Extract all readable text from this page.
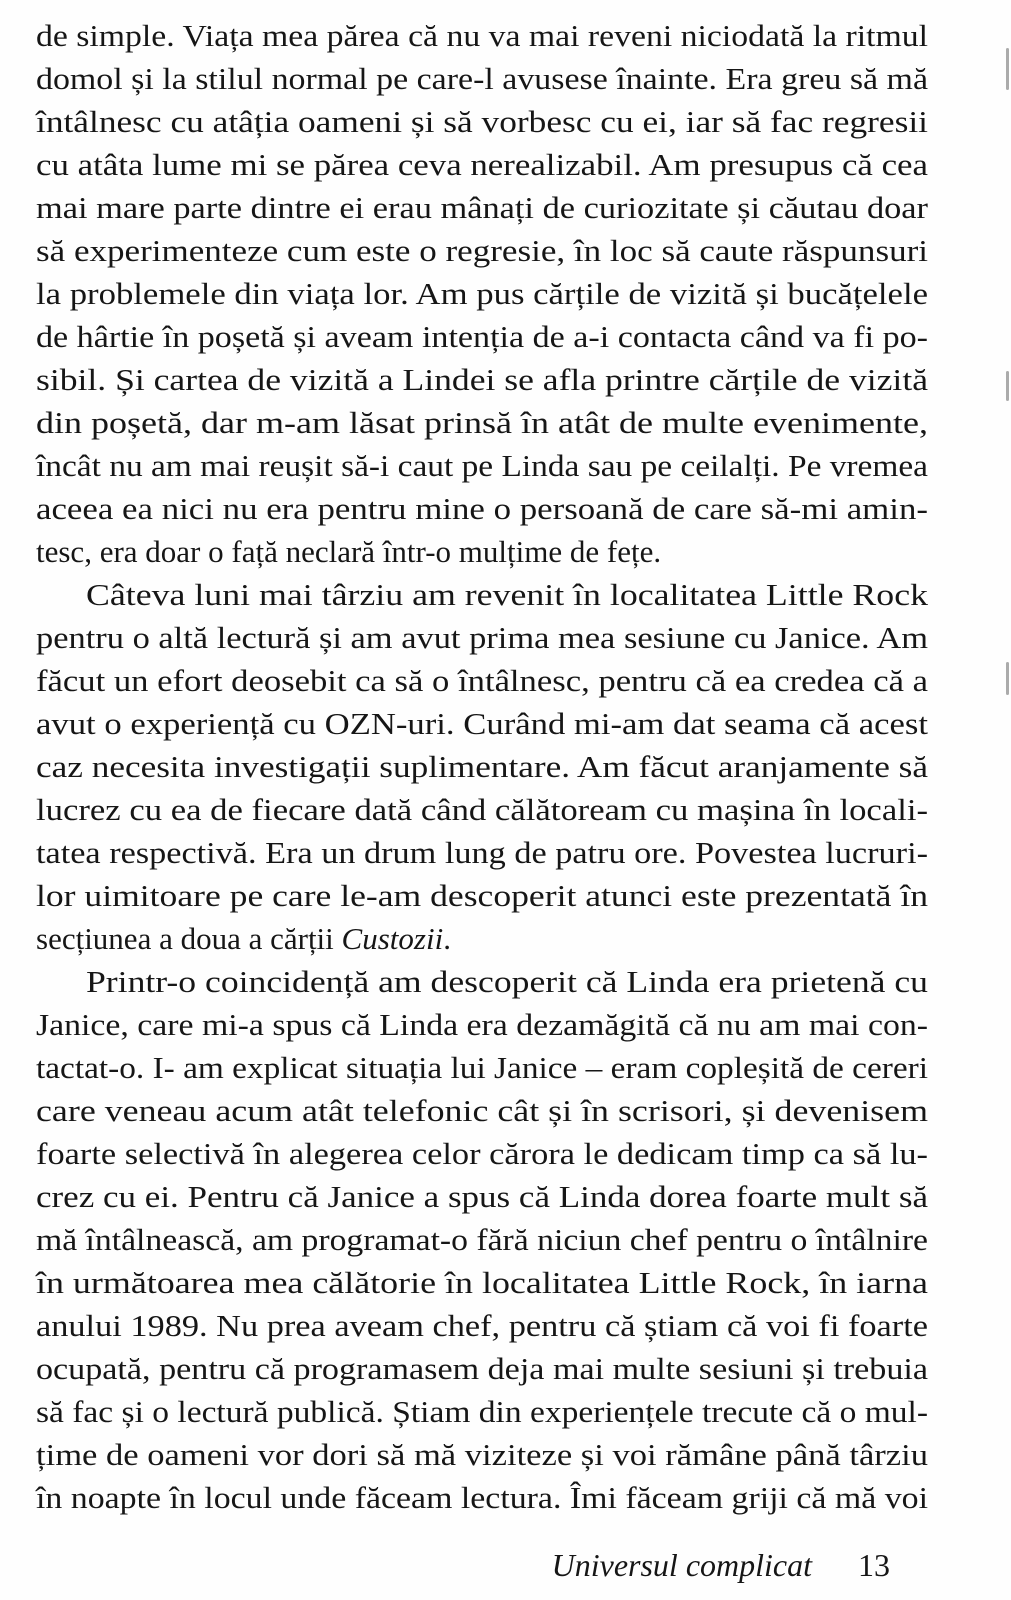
de simple. Viața mea părea că nu va mai reveni niciodată la ritmul
domol și la stilul normal pe care-l avusese înainte. Era greu să mă
întâlnesc cu atâția oameni și să vorbesc cu ei, iar să fac regresii
cu atâta lume mi se părea ceva nerealizabil. Am presupus că cea
mai mare parte dintre ei erau mânați de curiozitate și căutau doar
să experimenteze cum este o regresie, în loc să caute răspunsuri
la problemele din viața lor. Am pus cărțile de vizită și bucățelele
de hârtie în poșetă și aveam intenția de a-i contacta când va fi po-
sibil. Și cartea de vizită a Lindei se afla printre cărțile de vizită
din poșetă, dar m-am lăsat prinsă în atât de multe evenimente,
încât nu am mai reușit să-i caut pe Linda sau pe ceilalți. Pe vremea
aceea ea nici nu era pentru mine o persoană de care să-mi amin-
tesc, era doar o față neclară într-o mulțime de fețe.
Câteva luni mai târziu am revenit în localitatea Little Rock
pentru o altă lectură și am avut prima mea sesiune cu Janice. Am
făcut un efort deosebit ca să o întâlnesc, pentru că ea credea că a
avut o experiență cu OZN-uri. Curând mi-am dat seama că acest
caz necesita investigații suplimentare. Am făcut aranjamente să
lucrez cu ea de fiecare dată când călătoream cu mașina în locali-
tatea respectivă. Era un drum lung de patru ore. Povestea lucruri-
lor uimitoare pe care le-am descoperit atunci este prezentată în
secțiunea a doua a cărții Custozii.
Printr-o coincidență am descoperit că Linda era prietenă cu
Janice, care mi-a spus că Linda era dezamăgită că nu am mai con-
tactat-o. I- am explicat situația lui Janice – eram copleșită de cereri
care veneau acum atât telefonic cât și în scrisori, și devenisem
foarte selectivă în alegerea celor cărora le dedicam timp ca să lu-
crez cu ei. Pentru că Janice a spus că Linda dorea foarte mult să
mă întâlnească, am programat-o fără niciun chef pentru o întâlnire
în următoarea mea călătorie în localitatea Little Rock, în iarna
anului 1989. Nu prea aveam chef, pentru că știam că voi fi foarte
ocupată, pentru că programasem deja mai multe sesiuni și trebuia
să fac și o lectură publică. Știam din experiențele trecute că o mul-
țime de oameni vor dori să mă viziteze și voi rămâne până târziu
în noapte în locul unde făceam lectura. Îmi făceam griji că mă voi
Universul complicat 13
